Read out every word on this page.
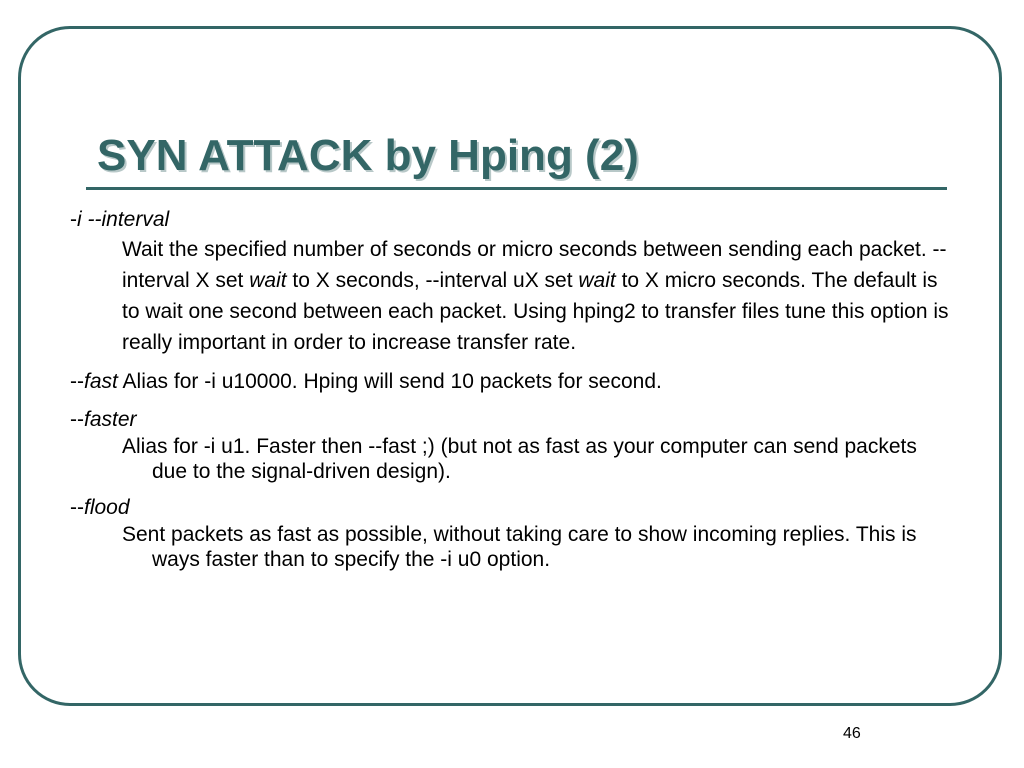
SYN ATTACK by Hping (2)

-i --interval

Wait the specified number of seconds or micro seconds between sending each packet. --interval X set wait to X seconds, --interval uX set wait to X micro seconds. The default is to wait one second between each packet. Using hping2 to transfer files tune this option is really important in order to increase transfer rate.

--fast Alias for -i u10000. Hping will send 10 packets for second.

--faster

Alias for -i u1. Faster then --fast ;) (but not as fast as your computer can send packets due to the signal-driven design).

--flood

Sent packets as fast as possible, without taking care to show incoming replies. This is ways faster than to specify the -i u0 option.

46
